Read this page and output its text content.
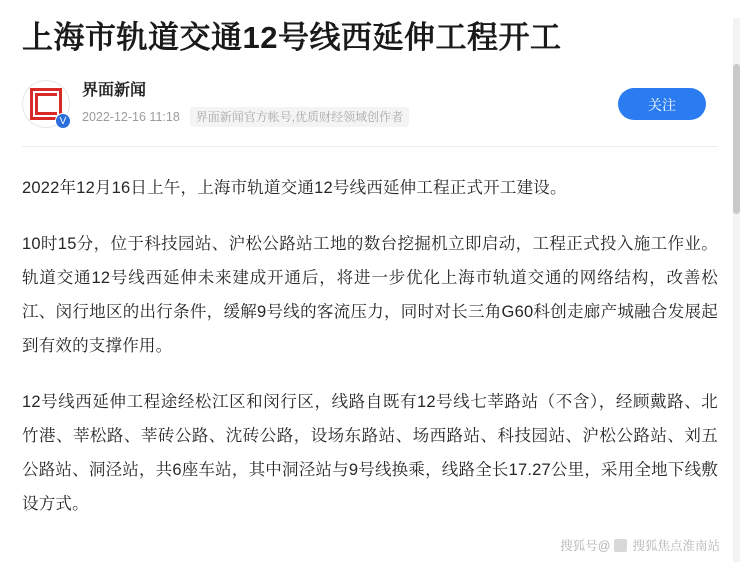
上海市轨道交通12号线西延伸工程开工
V
界面新闻
2022-12-16 11:18	界面新闻官方帐号,优质财经领域创作者
关注

2022年12月16日上午，上海市轨道交通12号线西延伸工程正式开工建设。

10时15分，位于科技园站、沪松公路站工地的数台挖掘机立即启动，工程正式投入施工作业。轨道交通12号线西延伸未来建成开通后，将进一步优化上海市轨道交通的网络结构，改善松江、闵行地区的出行条件，缓解9号线的客流压力，同时对长三角G60科创走廊产城融合发展起到有效的支撑作用。

12号线西延伸工程途经松江区和闵行区，线路自既有12号线七莘路站（不含），经顾戴路、北竹港、莘松路、莘砖公路、沈砖公路，设场东路站、场西路站、科技园站、沪松公路站、刘五公路站、洞泾站，共6座车站，其中洞泾站与9号线换乘，线路全长17.27公里，采用全地下线敷设方式。

搜狐号@ 搜狐焦点淮南站
